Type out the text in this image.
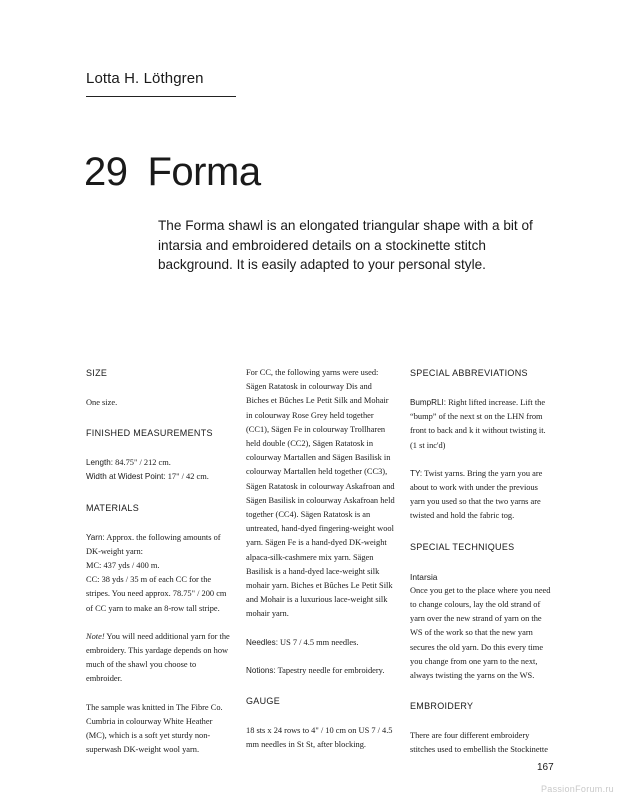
Lotta H. Löthgren
29 Forma
The Forma shawl is an elongated triangular shape with a bit of intarsia and embroidered details on a stockinette stitch background. It is easily adapted to your personal style.
SIZE

One size.

FINISHED MEASUREMENTS

Length: 84.75" / 212 cm.

Width at Widest Point: 17" / 42 cm.

MATERIALS

Yarn: Approx. the following amounts of DK-weight yarn:

MC: 437 yds / 400 m.

CC: 38 yds / 35 m of each CC for the stripes. You need approx. 78.75" / 200 cm of CC yarn to make an 8-row tall stripe.

Note! You will need additional yarn for the embroidery. This yardage depends on how much of the shawl you choose to embroider.

The sample was knitted in The Fibre Co. Cumbria in colourway White Heather (MC), which is a soft yet sturdy non-superwash DK-weight wool yarn.

For CC, the following yarns were used: Sägen Ratatosk in colourway Dis and Biches et Bûches Le Petit Silk and Mohair in colourway Rose Grey held together (CC1), Sägen Fe in colourway Trollharen held double (CC2), Sägen Ratatosk in colourway Martallen and Sägen Basilisk in colourway Martallen held together (CC3), Sägen Ratatosk in colourway Askafroan and Sägen Basilisk in colourway Askafroan held together (CC4). Sägen Ratatosk is an untreated, hand-dyed fingering-weight wool yarn. Sägen Fe is a hand-dyed DK-weight alpaca-silk-cashmere mix yarn. Sägen Basilisk is a hand-dyed lace-weight silk mohair yarn. Biches et Bûches Le Petit Silk and Mohair is a luxurious lace-weight silk mohair yarn.

Needles: US 7 / 4.5 mm needles.

Notions: Tapestry needle for embroidery.

GAUGE

18 sts x 24 rows to 4" / 10 cm on US 7 / 4.5 mm needles in St St, after blocking.

SPECIAL ABBREVIATIONS

BumpRLI: Right lifted increase. Lift the “bump” of the next st on the LHN from front to back and k it without twisting it. (1 st inc'd)

TY: Twist yarns. Bring the yarn you are about to work with under the previous yarn you used so that the two yarns are twisted and hold the fabric tog.

SPECIAL TECHNIQUES

Intarsia

Once you get to the place where you need to change colours, lay the old strand of yarn over the new strand of yarn on the WS of the work so that the new yarn secures the old yarn. Do this every time you change from one yarn to the next, always twisting the yarns on the WS.

EMBROIDERY

There are four different embroidery stitches used to embellish the Stockinette

167
PassionForum.ru
